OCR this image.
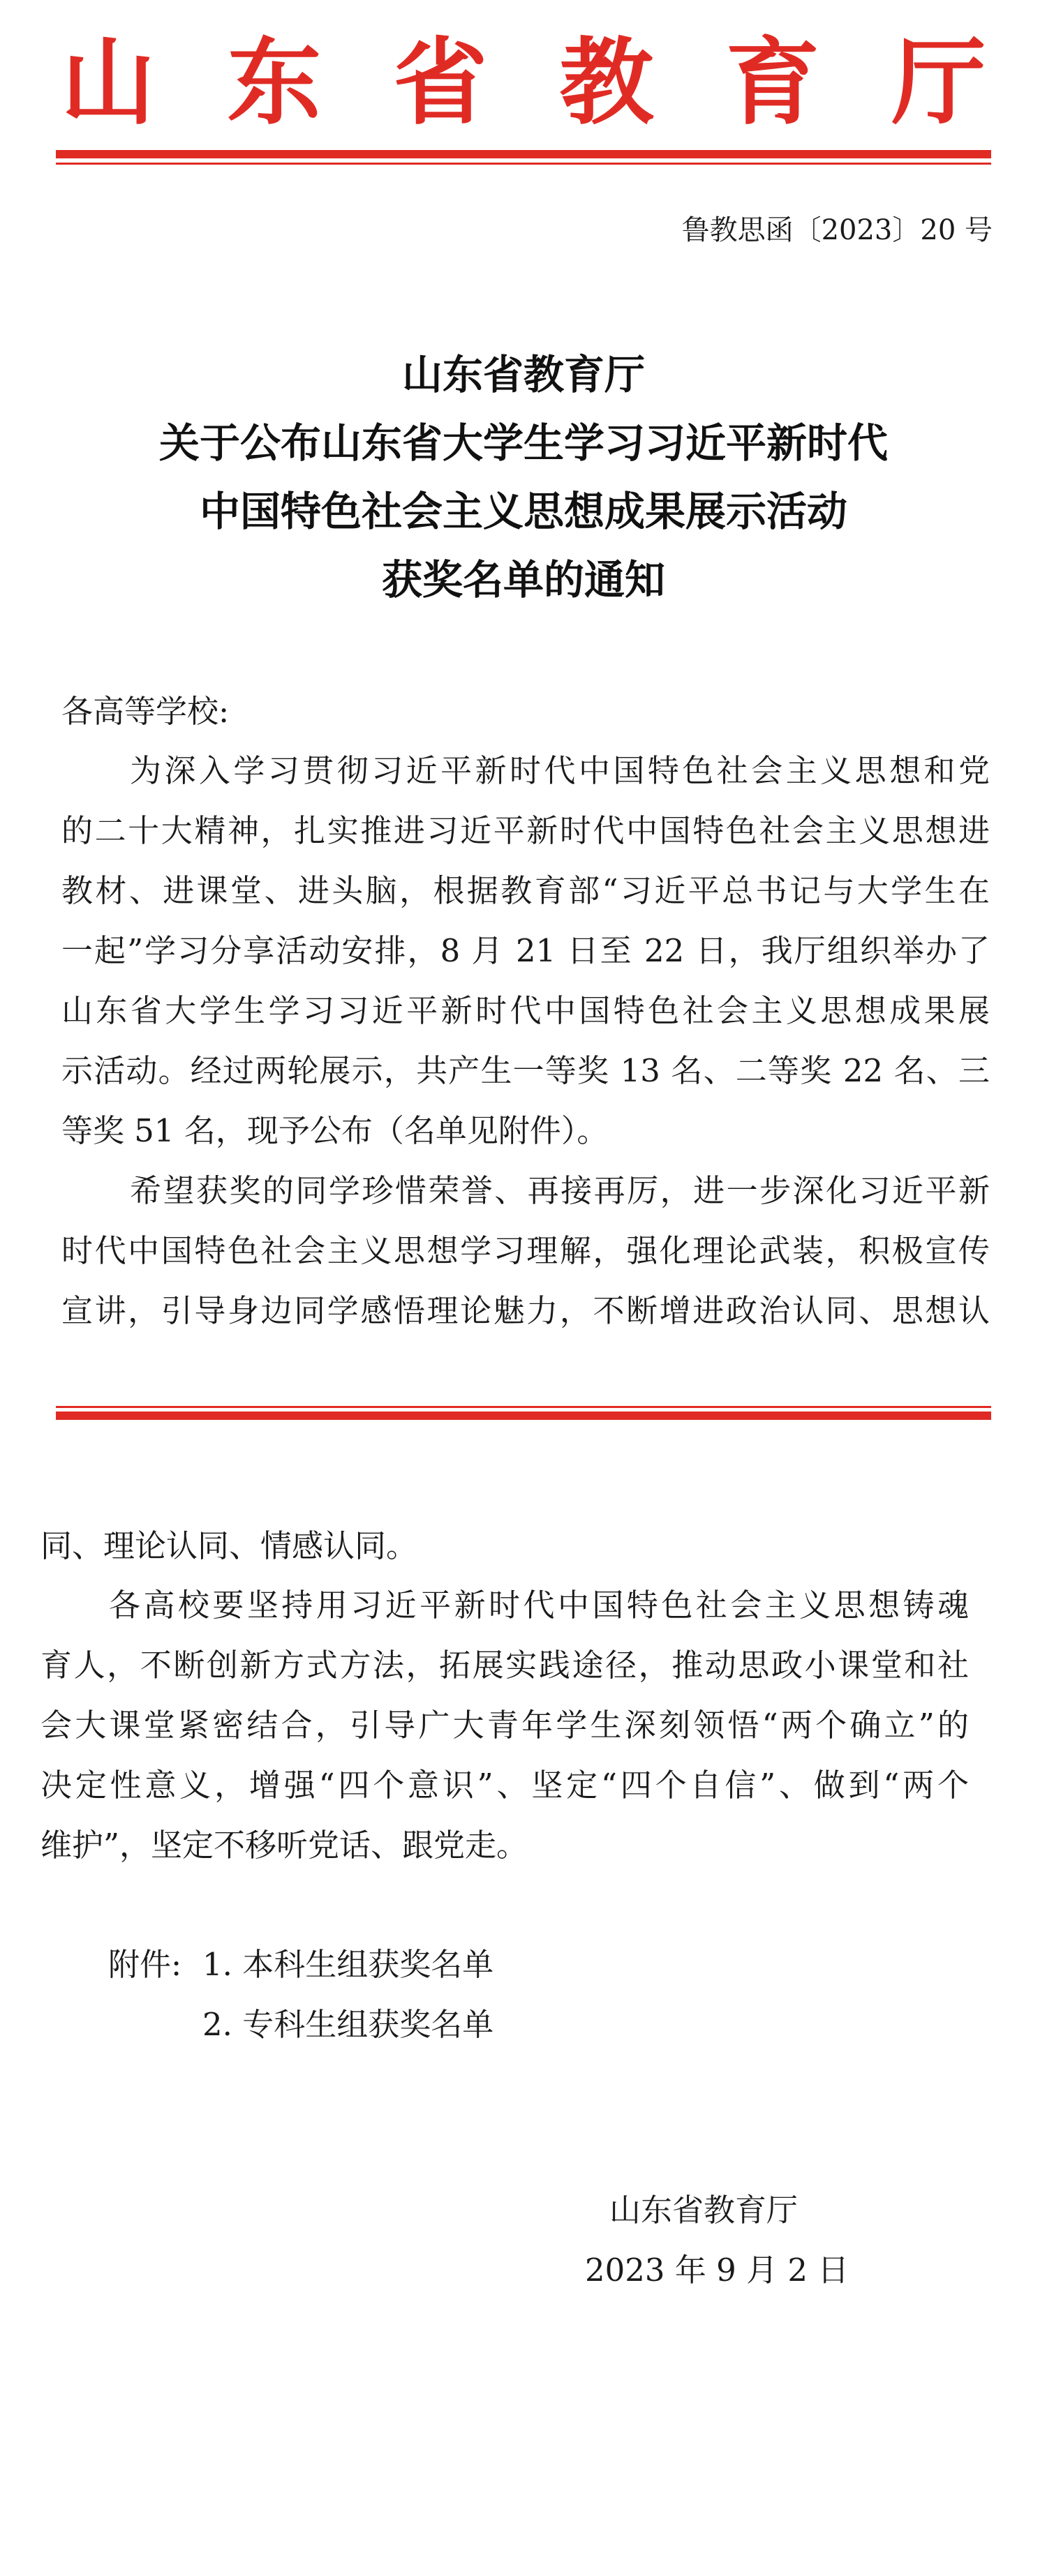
山 东 省 教 育 厅
鲁教思函〔2023〕20 号
山东省教育厅
关于公布山东省大学生学习习近平新时代
中国特色社会主义思想成果展示活动
获奖名单的通知
各高等学校:
为深入学习贯彻习近平新时代中国特色社会主义思想和党
的二十大精神，扎实推进习近平新时代中国特色社会主义思想进
教材、进课堂、进头脑，根据教育部“习近平总书记与大学生在
一起”学习分享活动安排，8 月 21 日至 22 日，我厅组织举办了
山东省大学生学习习近平新时代中国特色社会主义思想成果展
示活动。经过两轮展示，共产生一等奖 13 名、二等奖 22 名、三
等奖 51 名，现予公布（名单见附件）。
希望获奖的同学珍惜荣誉、再接再厉，进一步深化习近平新
时代中国特色社会主义思想学习理解，强化理论武装，积极宣传
宣讲，引导身边同学感悟理论魅力，不断增进政治认同、思想认
同、理论认同、情感认同。
各高校要坚持用习近平新时代中国特色社会主义思想铸魂
育人，不断创新方式方法，拓展实践途径，推动思政小课堂和社
会大课堂紧密结合，引导广大青年学生深刻领悟“两个确立”的
决定性意义，增强“四个意识”、坚定“四个自信”、做到“两个
维护”，坚定不移听党话、跟党走。
附件: 1. 本科生组获奖名单
2. 专科生组获奖名单
山东省教育厅
2023 年 9 月 2 日
